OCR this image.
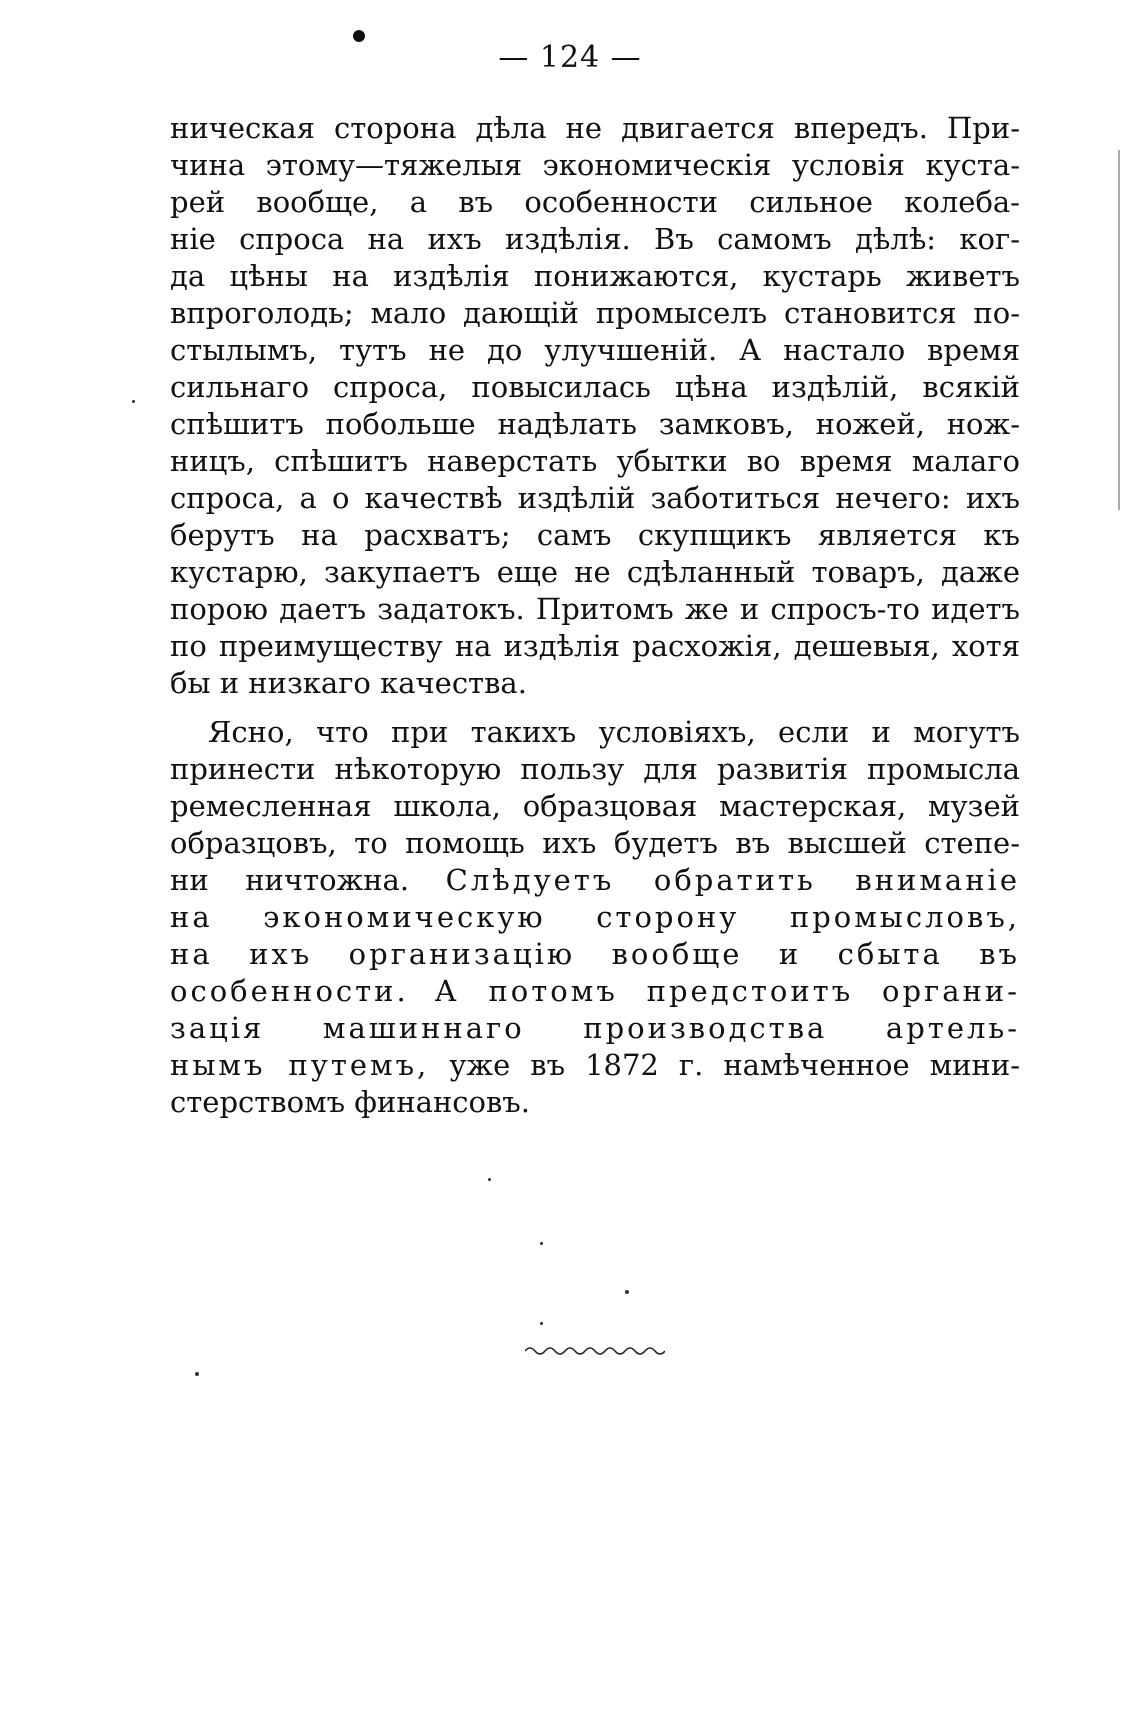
— 124 —
ническая сторона дѣла не двигается впередъ. При-
чина этому—тяжелыя экономическія условія куста-
рей вообще, а въ особенности сильное колеба-
ніе спроса на ихъ издѣлія. Въ самомъ дѣлѣ: ког-
да цѣны на издѣлія понижаются, кустарь живетъ
впроголодь; мало дающій промыселъ становится по-
стылымъ, тутъ не до улучшеній. А настало время
сильнаго спроса, повысилась цѣна издѣлій, всякій
спѣшитъ побольше надѣлать замковъ, ножей, нож-
ницъ, спѣшитъ наверстать убытки во время малаго
спроса, а о качествѣ издѣлій заботиться нечего: ихъ
берутъ на расхватъ; самъ скупщикъ является къ
кустарю, закупаетъ еще не сдѣланный товаръ, даже
порою даетъ задатокъ. Притомъ же и спросъ-то идетъ
по преимуществу на издѣлія расхожія, дешевыя, хотя
бы и низкаго качества.
Ясно, что при такихъ условіяхъ, если и могутъ
принести нѣкоторую пользу для развитія промысла
ремесленная школа, образцовая мастерская, музей
образцовъ, то помощь ихъ будетъ въ высшей степе-
ни ничтожна. Слѣдуетъ обратить вниманіе
на экономическую сторону промысловъ,
на ихъ организацію вообще и сбыта въ
особенности. А потомъ предстоитъ органи-
зація машиннаго производства артель-
нымъ путемъ, уже въ 1872 г. намѣченное мини-
стерствомъ финансовъ.
